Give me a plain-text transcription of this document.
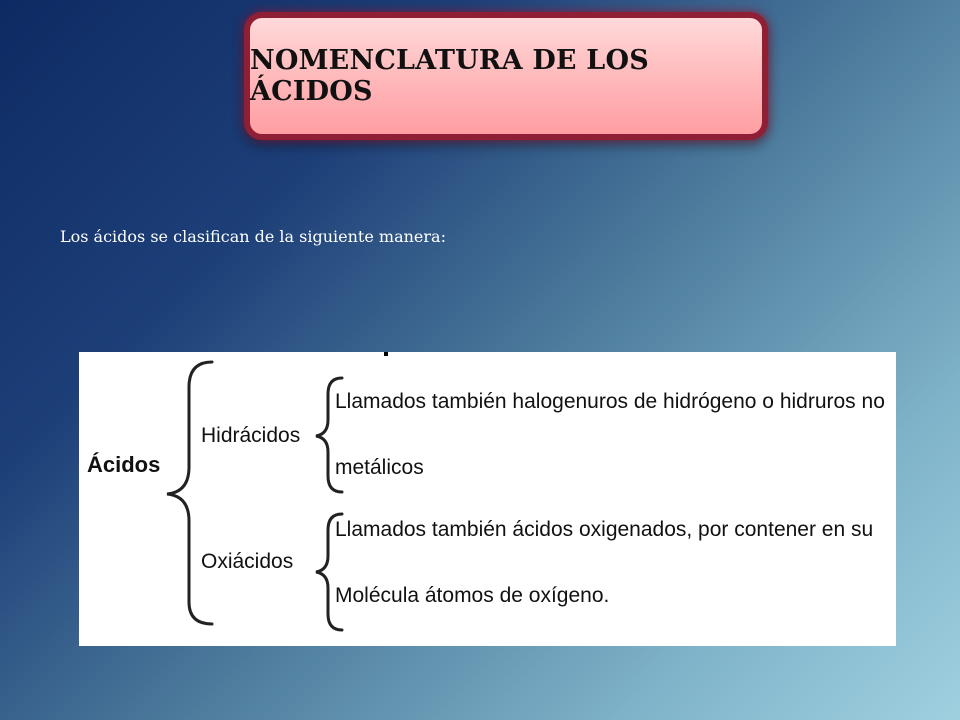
NOMENCLATURA DE LOS ÁCIDOS
Los ácidos se clasifican de la siguiente manera:
Ácidos
Hidrácidos
Llamados también halogenuros de hidrógeno o hidruros no
metálicos
Oxiácidos
Llamados también ácidos oxigenados, por contener en su
Molécula átomos de oxígeno.
